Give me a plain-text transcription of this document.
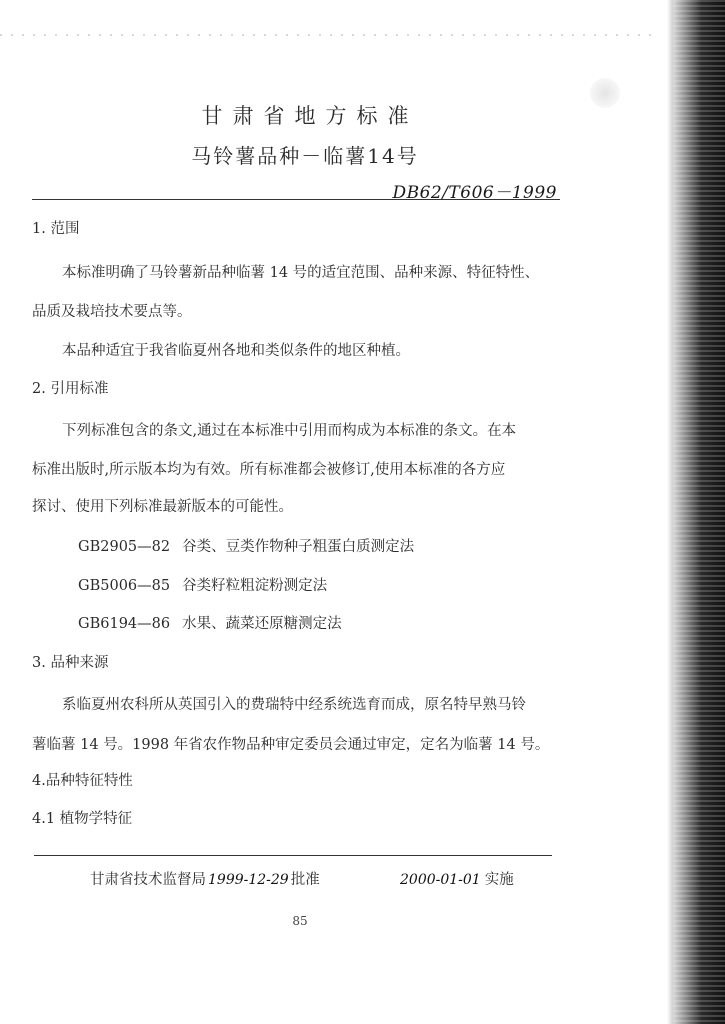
甘肃省地方标准
马铃薯品种－临薯14号
DB62/T606－1999
1. 范围
本标准明确了马铃薯新品种临薯 14 号的适宜范围、品种来源、特征特性、
品质及栽培技术要点等。
本品种适宜于我省临夏州各地和类似条件的地区种植。
2. 引用标准
下列标准包含的条文,通过在本标准中引用而构成为本标准的条文。在本
标准出版时,所示版本均为有效。所有标准都会被修订,使用本标准的各方应
探讨、使用下列标准最新版本的可能性。
GB2905—82 谷类、豆类作物种子粗蛋白质测定法
GB5006—85 谷类籽粒粗淀粉测定法
GB6194—86 水果、蔬菜还原糖测定法
3. 品种来源
系临夏州农科所从英国引入的费瑞特中经系统选育而成，原名特早熟马铃
薯临薯 14 号。1998 年省农作物品种审定委员会通过审定，定名为临薯 14 号。
4.品种特征特性
4.1 植物学特征
甘肃省技术监督局 1999-12-29 批准	2000-01-01 实施
85
